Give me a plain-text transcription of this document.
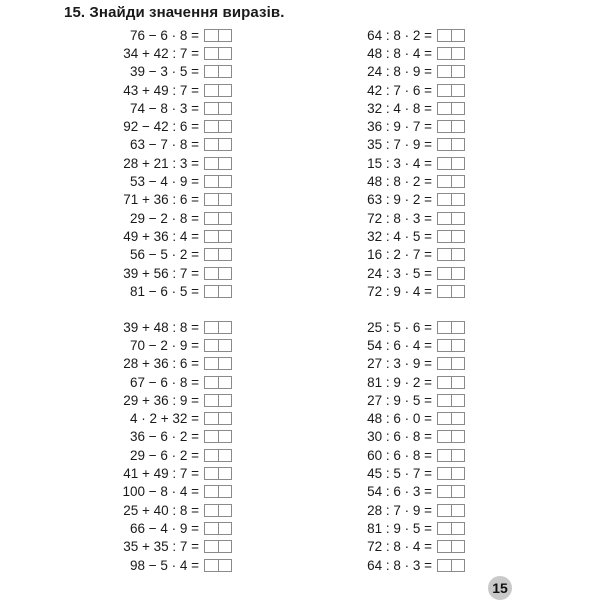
15. Знайди значення виразів.
76 − 6 · 8 =
34 + 42 : 7 =
39 − 3 · 5 =
43 + 49 : 7 =
74 − 8 · 3 =
92 − 42 : 6 =
63 − 7 · 8 =
28 + 21 : 3 =
53 − 4 · 9 =
71 + 36 : 6 =
29 − 2 · 8 =
49 + 36 : 4 =
56 − 5 · 2 =
39 + 56 : 7 =
81 − 6 · 5 =
64 : 8 · 2 =
48 : 8 · 4 =
24 : 8 · 9 =
42 : 7 · 6 =
32 : 4 · 8 =
36 : 9 · 7 =
35 : 7 · 9 =
15 : 3 · 4 =
48 : 8 · 2 =
63 : 9 · 2 =
72 : 8 · 3 =
32 : 4 · 5 =
16 : 2 · 7 =
24 : 3 · 5 =
72 : 9 · 4 =
39 + 48 : 8 =
70 − 2 · 9 =
28 + 36 : 6 =
67 − 6 · 8 =
29 + 36 : 9 =
4 · 2 + 32 =
36 − 6 · 2 =
29 − 6 · 2 =
41 + 49 : 7 =
100 − 8 · 4 =
25 + 40 : 8 =
66 − 4 · 9 =
35 + 35 : 7 =
98 − 5 · 4 =
25 : 5 · 6 =
54 : 6 · 4 =
27 : 3 · 9 =
81 : 9 · 2 =
27 : 9 · 5 =
48 : 6 · 0 =
30 : 6 · 8 =
60 : 6 · 8 =
45 : 5 · 7 =
54 : 6 · 3 =
28 : 7 · 9 =
81 : 9 · 5 =
72 : 8 · 4 =
64 : 8 · 3 =
15
